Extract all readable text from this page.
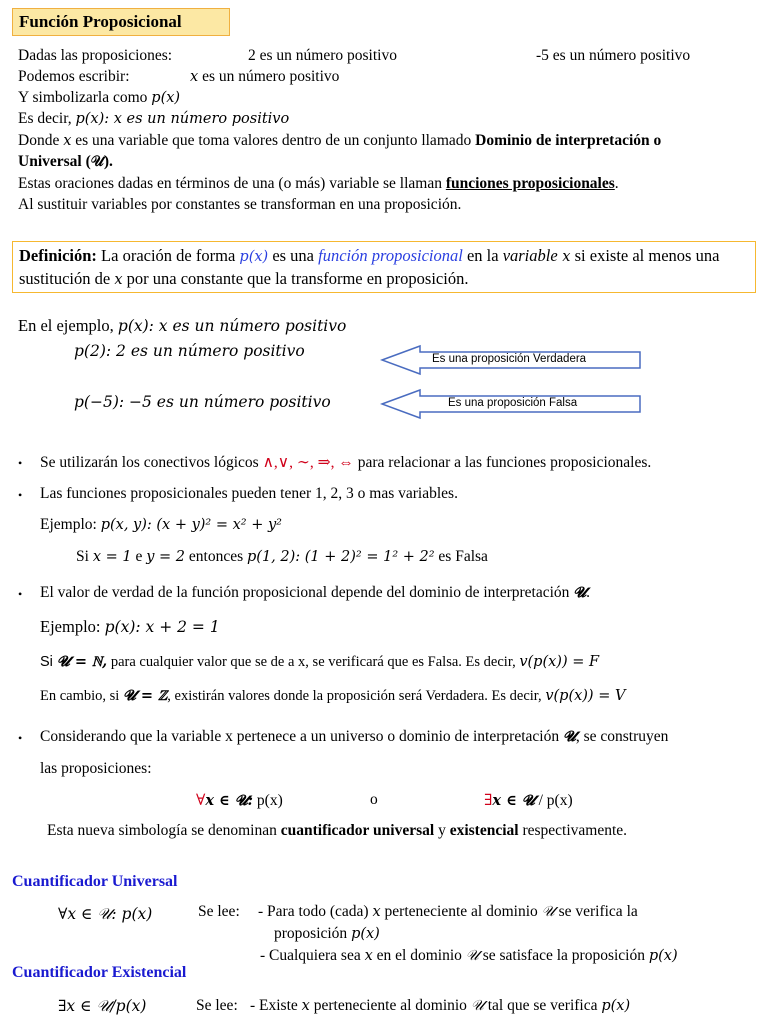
Función Proposicional
Dadas las proposiciones:	2 es un número positivo	-5 es un número positivo
Podemos escribir:	x es un número positivo
Y simbolizarla como p(x)
Es decir, p(x): x es un número positivo
Donde x es una variable que toma valores dentro de un conjunto llamado Dominio de interpretación o
Universal (𝒰).
Estas oraciones dadas en términos de una (o más) variable se llaman funciones proposicionales.
Al sustituir variables por constantes se transforman en una proposición.
Definición: La oración de forma p(x) es una función proposicional en la variable x si existe al menos una sustitución de x por una constante que la transforme en proposición.
En el ejemplo, p(x): x es un número positivo
p(2): 2 es un número positivo
p(−5): −5 es un número positivo
Es una proposición Verdadera
Es una proposición Falsa
• Se utilizarán los conectivos lógicos ∧,∨, ∼, ⇒, ⇔ para relacionar a las funciones proposicionales.
• Las funciones proposicionales pueden tener 1, 2, 3 o mas variables.
Ejemplo: p(x, y): (x + y)² = x² + y²
Si x = 1 e y = 2 entonces p(1, 2): (1 + 2)² = 1² + 2² es Falsa
• El valor de verdad de la función proposicional depende del dominio de interpretación 𝓤.
Ejemplo: p(x): x + 2 = 1
Si 𝓤 = ℕ, para cualquier valor que se de a x, se verificará que es Falsa. Es decir, v(p(x)) = F
En cambio, si 𝓤 = ℤ, existirán valores donde la proposición será Verdadera. Es decir, v(p(x)) = V
• Considerando que la variable x pertenece a un universo o dominio de interpretación 𝓤, se construyen
las proposiciones:
∀x ∈ 𝓤: p(x)	o	∃x ∈ 𝓤 / p(x)
Esta nueva simbología se denominan cuantificador universal y existencial respectivamente.
Cuantificador Universal
∀x ∈ 𝒰: p(x)	Se lee: - Para todo (cada) x perteneciente al dominio 𝒰 se verifica la
proposición p(x)
- Cualquiera sea x en el dominio 𝒰 se satisface la proposición p(x)
Cuantificador Existencial
∃x ∈ 𝒰/p(x)	Se lee: - Existe x perteneciente al dominio 𝒰 tal que se verifica p(x)
